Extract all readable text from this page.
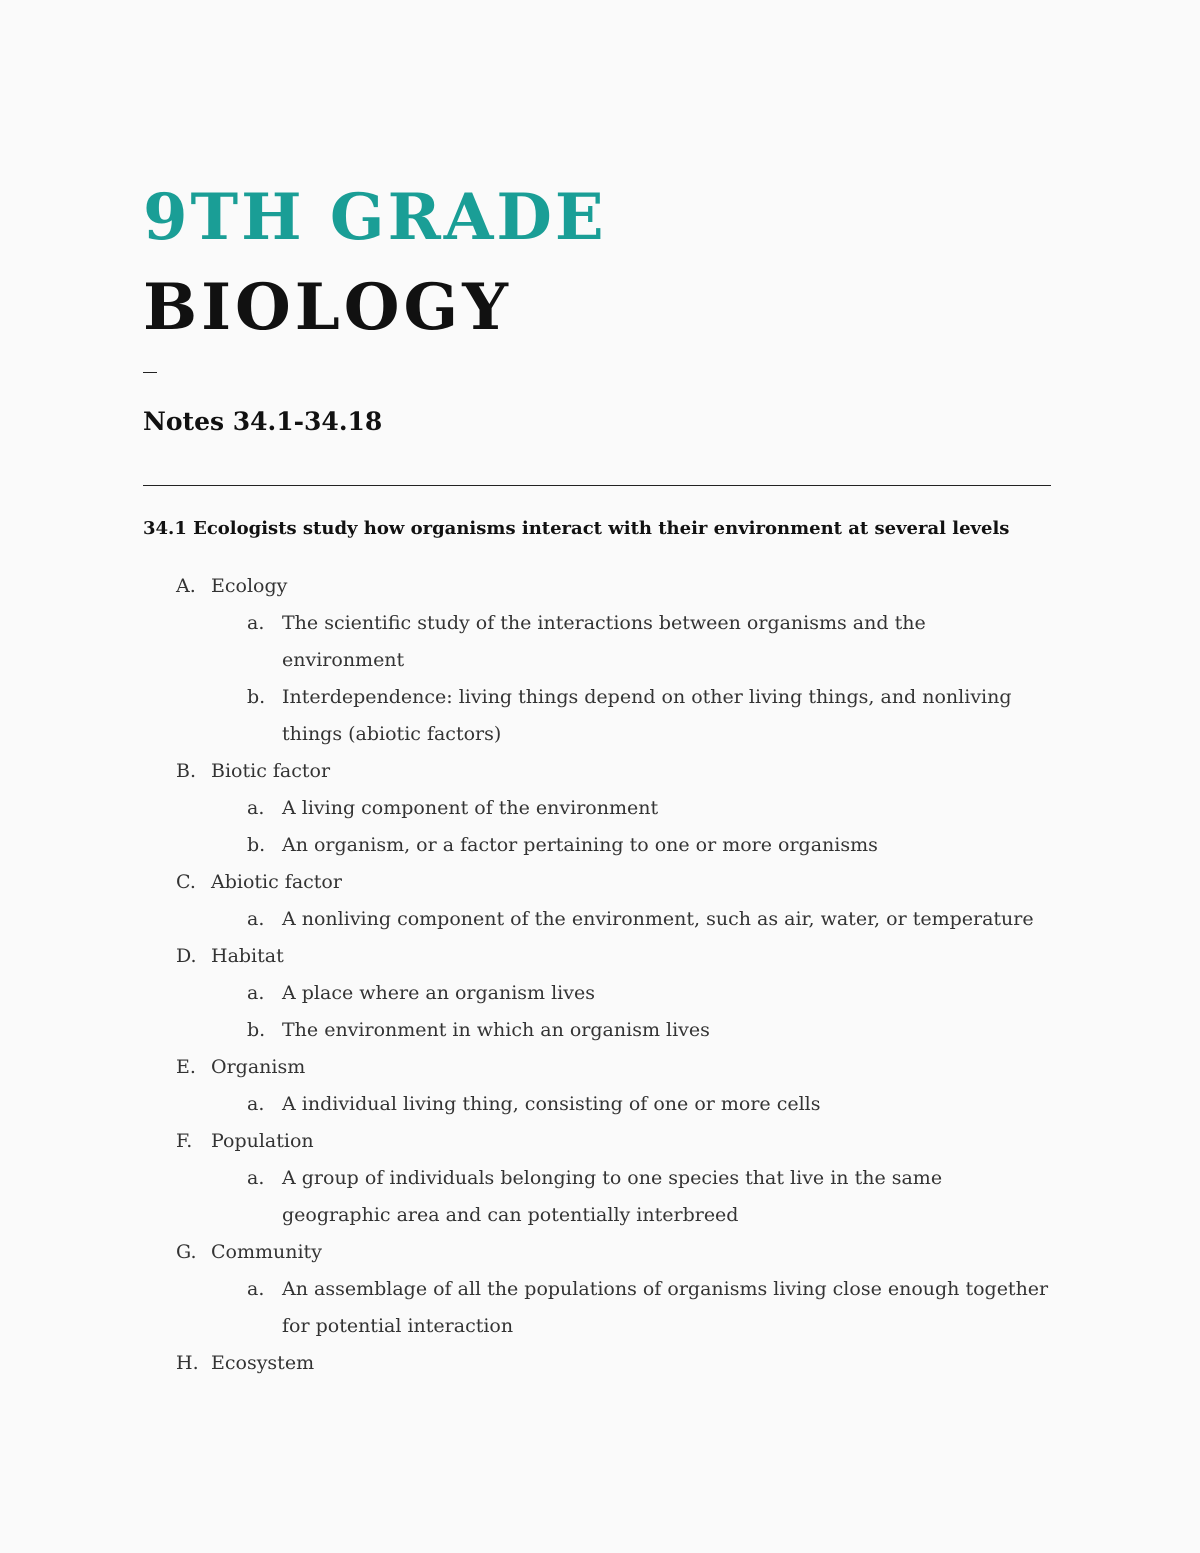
9TH GRADE
BIOLOGY
Notes 34.1-34.18
34.1 Ecologists study how organisms interact with their environment at several levels
A. Ecology
a. The scientific study of the interactions between organisms and the environment
b. Interdependence: living things depend on other living things, and nonliving things (abiotic factors)
B. Biotic factor
a. A living component of the environment
b. An organism, or a factor pertaining to one or more organisms
C. Abiotic factor
a. A nonliving component of the environment, such as air, water, or temperature
D. Habitat
a. A place where an organism lives
b. The environment in which an organism lives
E. Organism
a. A individual living thing, consisting of one or more cells
F. Population
a. A group of individuals belonging to one species that live in the same geographic area and can potentially interbreed
G. Community
a. An assemblage of all the populations of organisms living close enough together for potential interaction
H. Ecosystem
